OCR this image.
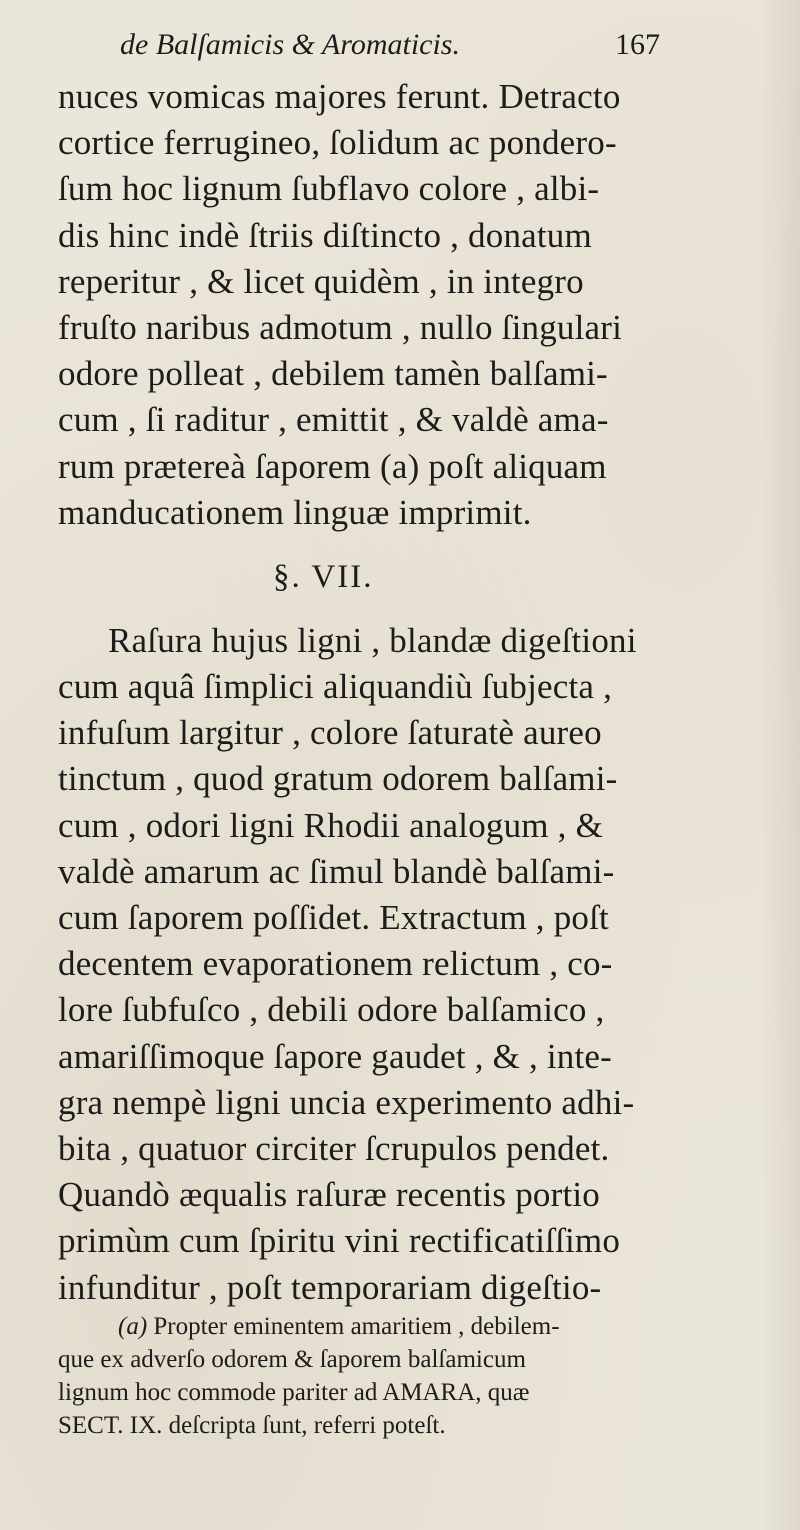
de Balſamicis & Aromaticis.	167
nuces vomicas majores ferunt. Detracto
cortice ferrugineo, ſolidum ac pondero-
ſum hoc lignum ſubflavo colore , albi-
dis hinc indè ſtriis diſtincto , donatum
reperitur , & licet quidèm , in integro
fruſto naribus admotum , nullo ſingulari
odore polleat , debilem tamèn balſami-
cum , ſi raditur , emittit , & valdè ama-
rum prætereà ſaporem (a) poſt aliquam
manducationem linguæ imprimit.
§. VII.
Raſura hujus ligni , blandæ digeſtioni
cum aquâ ſimplici aliquandiù ſubjecta ,
infuſum largitur , colore ſaturatè aureo
tinctum , quod gratum odorem balſami-
cum , odori ligni Rhodii analogum , &
valdè amarum ac ſimul blandè balſami-
cum ſaporem poſſidet. Extractum , poſt
decentem evaporationem relictum , co-
lore ſubfuſco , debili odore balſamico ,
amariſſimoque ſapore gaudet , & , inte-
gra nempè ligni uncia experimento adhi-
bita , quatuor circiter ſcrupulos pendet.
Quandò æqualis raſuræ recentis portio
primùm cum ſpiritu vini rectificatiſſimo
infunditur , poſt temporariam digeſtio-
(a) Propter eminentem amaritiem , debilem-
que ex adverſo odorem & ſaporem balſamicum
lignum hoc commode pariter ad AMARA, quæ
SECT. IX. deſcripta ſunt, referri poteſt.
